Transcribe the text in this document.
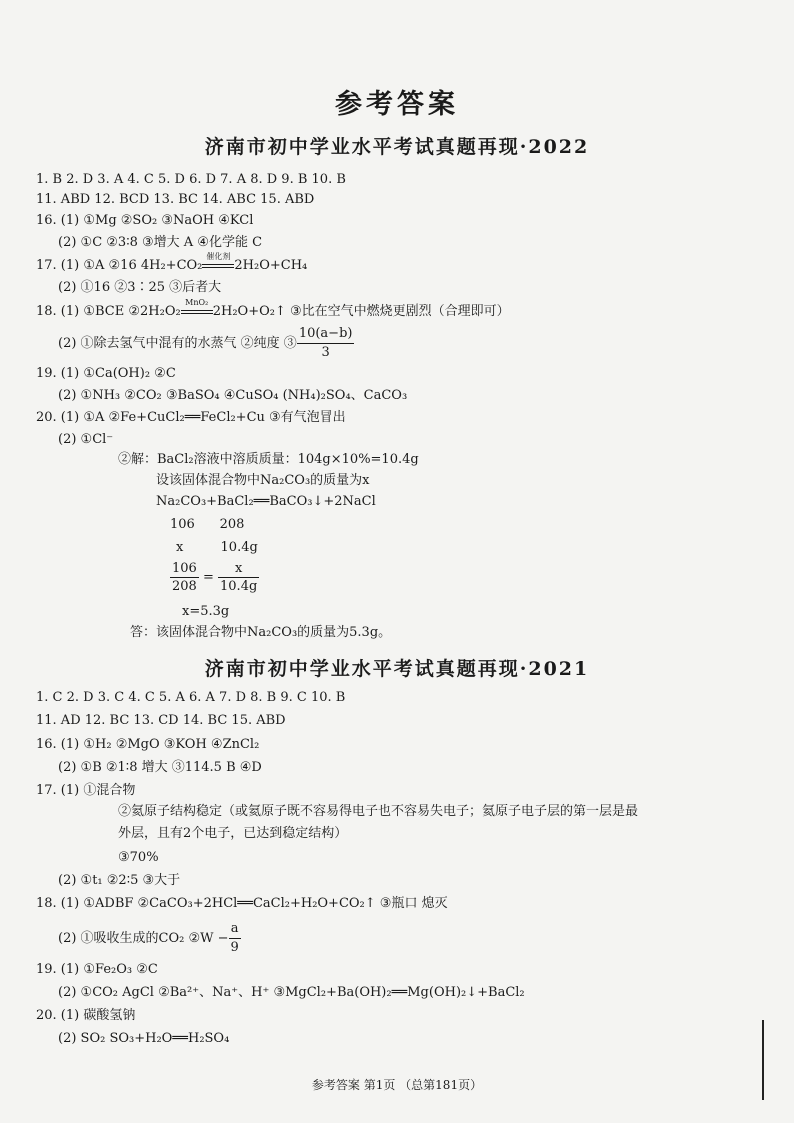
参考答案
济南市初中学业水平考试真题再现·2022
1. B 2. D 3. A 4. C 5. D 6. D 7. A 8. D 9. B 10. B
11. ABD 12. BCD 13. BC 14. ABC 15. ABD
16. (1) ①Mg ②SO₂ ③NaOH ④KCl
(2) ①C ②3∶8 ③增大 A ④化学能 C
17. (1) ①A ②16 4H₂+CO₂
催化剂
2H₂O+CH₄
(2) ①16 ②3∶25 ③后者大
18. (1) ①BCE ②2H₂O₂
MnO₂
2H₂O+O₂↑ ③比在空气中燃烧更剧烈（合理即可）
(2) ①除去氢气中混有的水蒸气 ②纯度 ③ $\frac{10(a-b)}{3}$
19. (1) ①Ca(OH)₂ ②C
(2) ①NH₃ ②CO₂ ③BaSO₄ ④CuSO₄ (NH₄)₂SO₄、CaCO₃
20. (1) ①A ②Fe+CuCl₂══FeCl₂+Cu ③有气泡冒出
(2) ①Cl⁻
②解：BaCl₂溶液中溶质质量：104g×10%=10.4g
设该固体混合物中Na₂CO₃的质量为x
Na₂CO₃+BaCl₂══BaCO₃↓+2NaCl
106      208
x         10.4g
$\frac{106}{208} = \frac{x}{10.4g}$
x=5.3g
答：该固体混合物中Na₂CO₃的质量为5.3g。
济南市初中学业水平考试真题再现·2021
1. C 2. D 3. C 4. C 5. A 6. A 7. D 8. B 9. C 10. B
11. AD 12. BC 13. CD 14. BC 15. ABD
16. (1) ①H₂ ②MgO ③KOH ④ZnCl₂
(2) ①B ②1∶8 增大 ③114.5 B ④D
17. (1) ①混合物
②氦原子结构稳定（或氦原子既不容易得电子也不容易失电子；氦原子电子层的第一层是最
外层，且有2个电子，已达到稳定结构）
③70%
(2) ①t₁ ②2∶5 ③大于
18. (1) ①ADBF ②CaCO₃+2HCl══CaCl₂+H₂O+CO₂↑ ③瓶口 熄灭
(2) ①吸收生成的CO₂ ②W − $\frac{a}{9}$
19. (1) ①Fe₂O₃ ②C
(2) ①CO₂ AgCl ②Ba²⁺、Na⁺、H⁺ ③MgCl₂+Ba(OH)₂══Mg(OH)₂↓+BaCl₂
20. (1) 碳酸氢钠
(2) SO₂ SO₃+H₂O══H₂SO₄
参考答案 第1页 （总第181页）
